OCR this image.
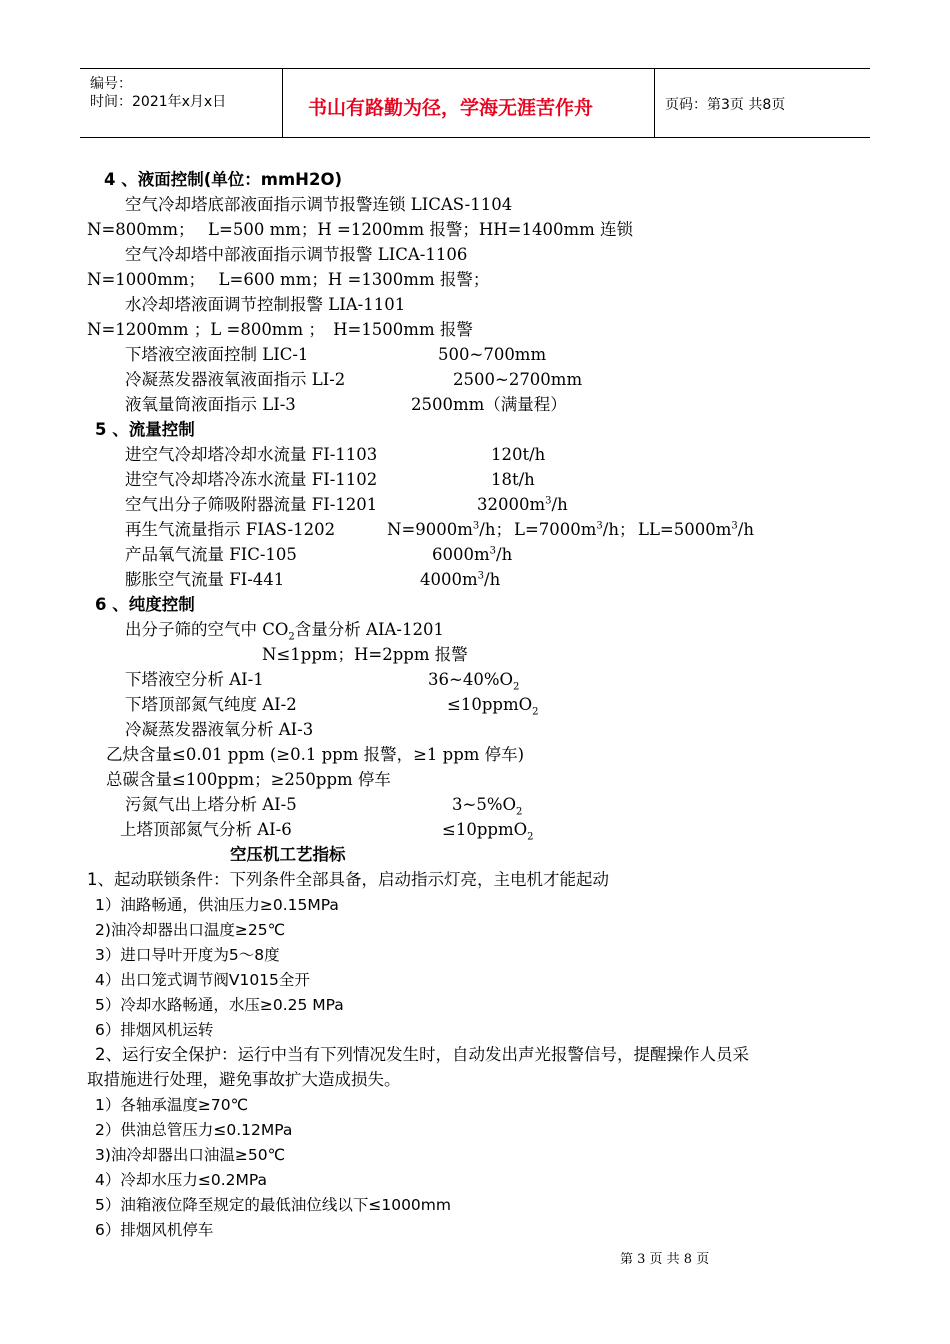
编号：
时间：2021年x月x日	书山有路勤为径，学海无涯苦作舟	页码：第3页 共8页
4 、液面控制(单位：mmH2O)
空气冷却塔底部液面指示调节报警连锁 LICAS-1104
N=800mm；　 L=500 mm；H =1200mm 报警；HH=1400mm 连锁
空气冷却塔中部液面指示调节报警 LICA-1106
N=1000mm；　 L=600 mm；H =1300mm 报警；
水冷却塔液面调节控制报警 LIA-1101
N=1200mm ；L =800mm ；　H=1500mm 报警
下塔液空液面控制 LIC-1	500~700mm
冷凝蒸发器液氧液面指示 LI-2	2500~2700mm
液氧量筒液面指示 LI-3	2500mm（满量程）
5 、流量控制
进空气冷却塔冷却水流量 FI-1103	120t/h
进空气冷却塔冷冻水流量 FI-1102	18t/h
空气出分子筛吸附器流量 FI-1201	$32000m^3/h$
再生气流量指示 FIAS-1202	$N=9000m^3/h$； $L=7000m^3/h$； $LL=5000m^3/h$
产品氧气流量 FIC-105	$6000m^3/h$
膨胀空气流量 FI-441	$4000m^3/h$
6 、纯度控制
出分子筛的空气中 $CO_2$含量分析 AIA-1201
N≤1ppm；H=2ppm 报警
下塔液空分析 AI-1	$36\sim 40\%O_2$
下塔顶部氮气纯度 AI-2	≤10ppmO$_2$
冷凝蒸发器液氧分析 AI-3
乙炔含量≤0.01 ppm (≥0.1 ppm 报警，≥1 ppm 停车)
总碳含量≤100ppm；≥250ppm 停车
污氮气出上塔分析 AI-5	$3\sim 5\%O_2$
上塔顶部氮气分析 AI-6	≤10ppmO$_2$
空压机工艺指标
1、起动联锁条件：下列条件全部具备，启动指示灯亮，主电机才能起动
1）油路畅通，供油压力≥0.15MPa
2)油冷却器出口温度≥25℃
3）进口导叶开度为5～8度
4）出口笼式调节阀V1015全开
5）冷却水路畅通，水压≥0.25 MPa
6）排烟风机运转
2、运行安全保护：运行中当有下列情况发生时，自动发出声光报警信号，提醒操作人员采
取措施进行处理，避免事故扩大造成损失。
1）各轴承温度≥70℃
2）供油总管压力≤0.12MPa
3)油冷却器出口油温≥50℃
4）冷却水压力≤0.2MPa
5）油箱液位降至规定的最低油位线以下≤1000mm
6）排烟风机停车
第 3 页 共 8 页
